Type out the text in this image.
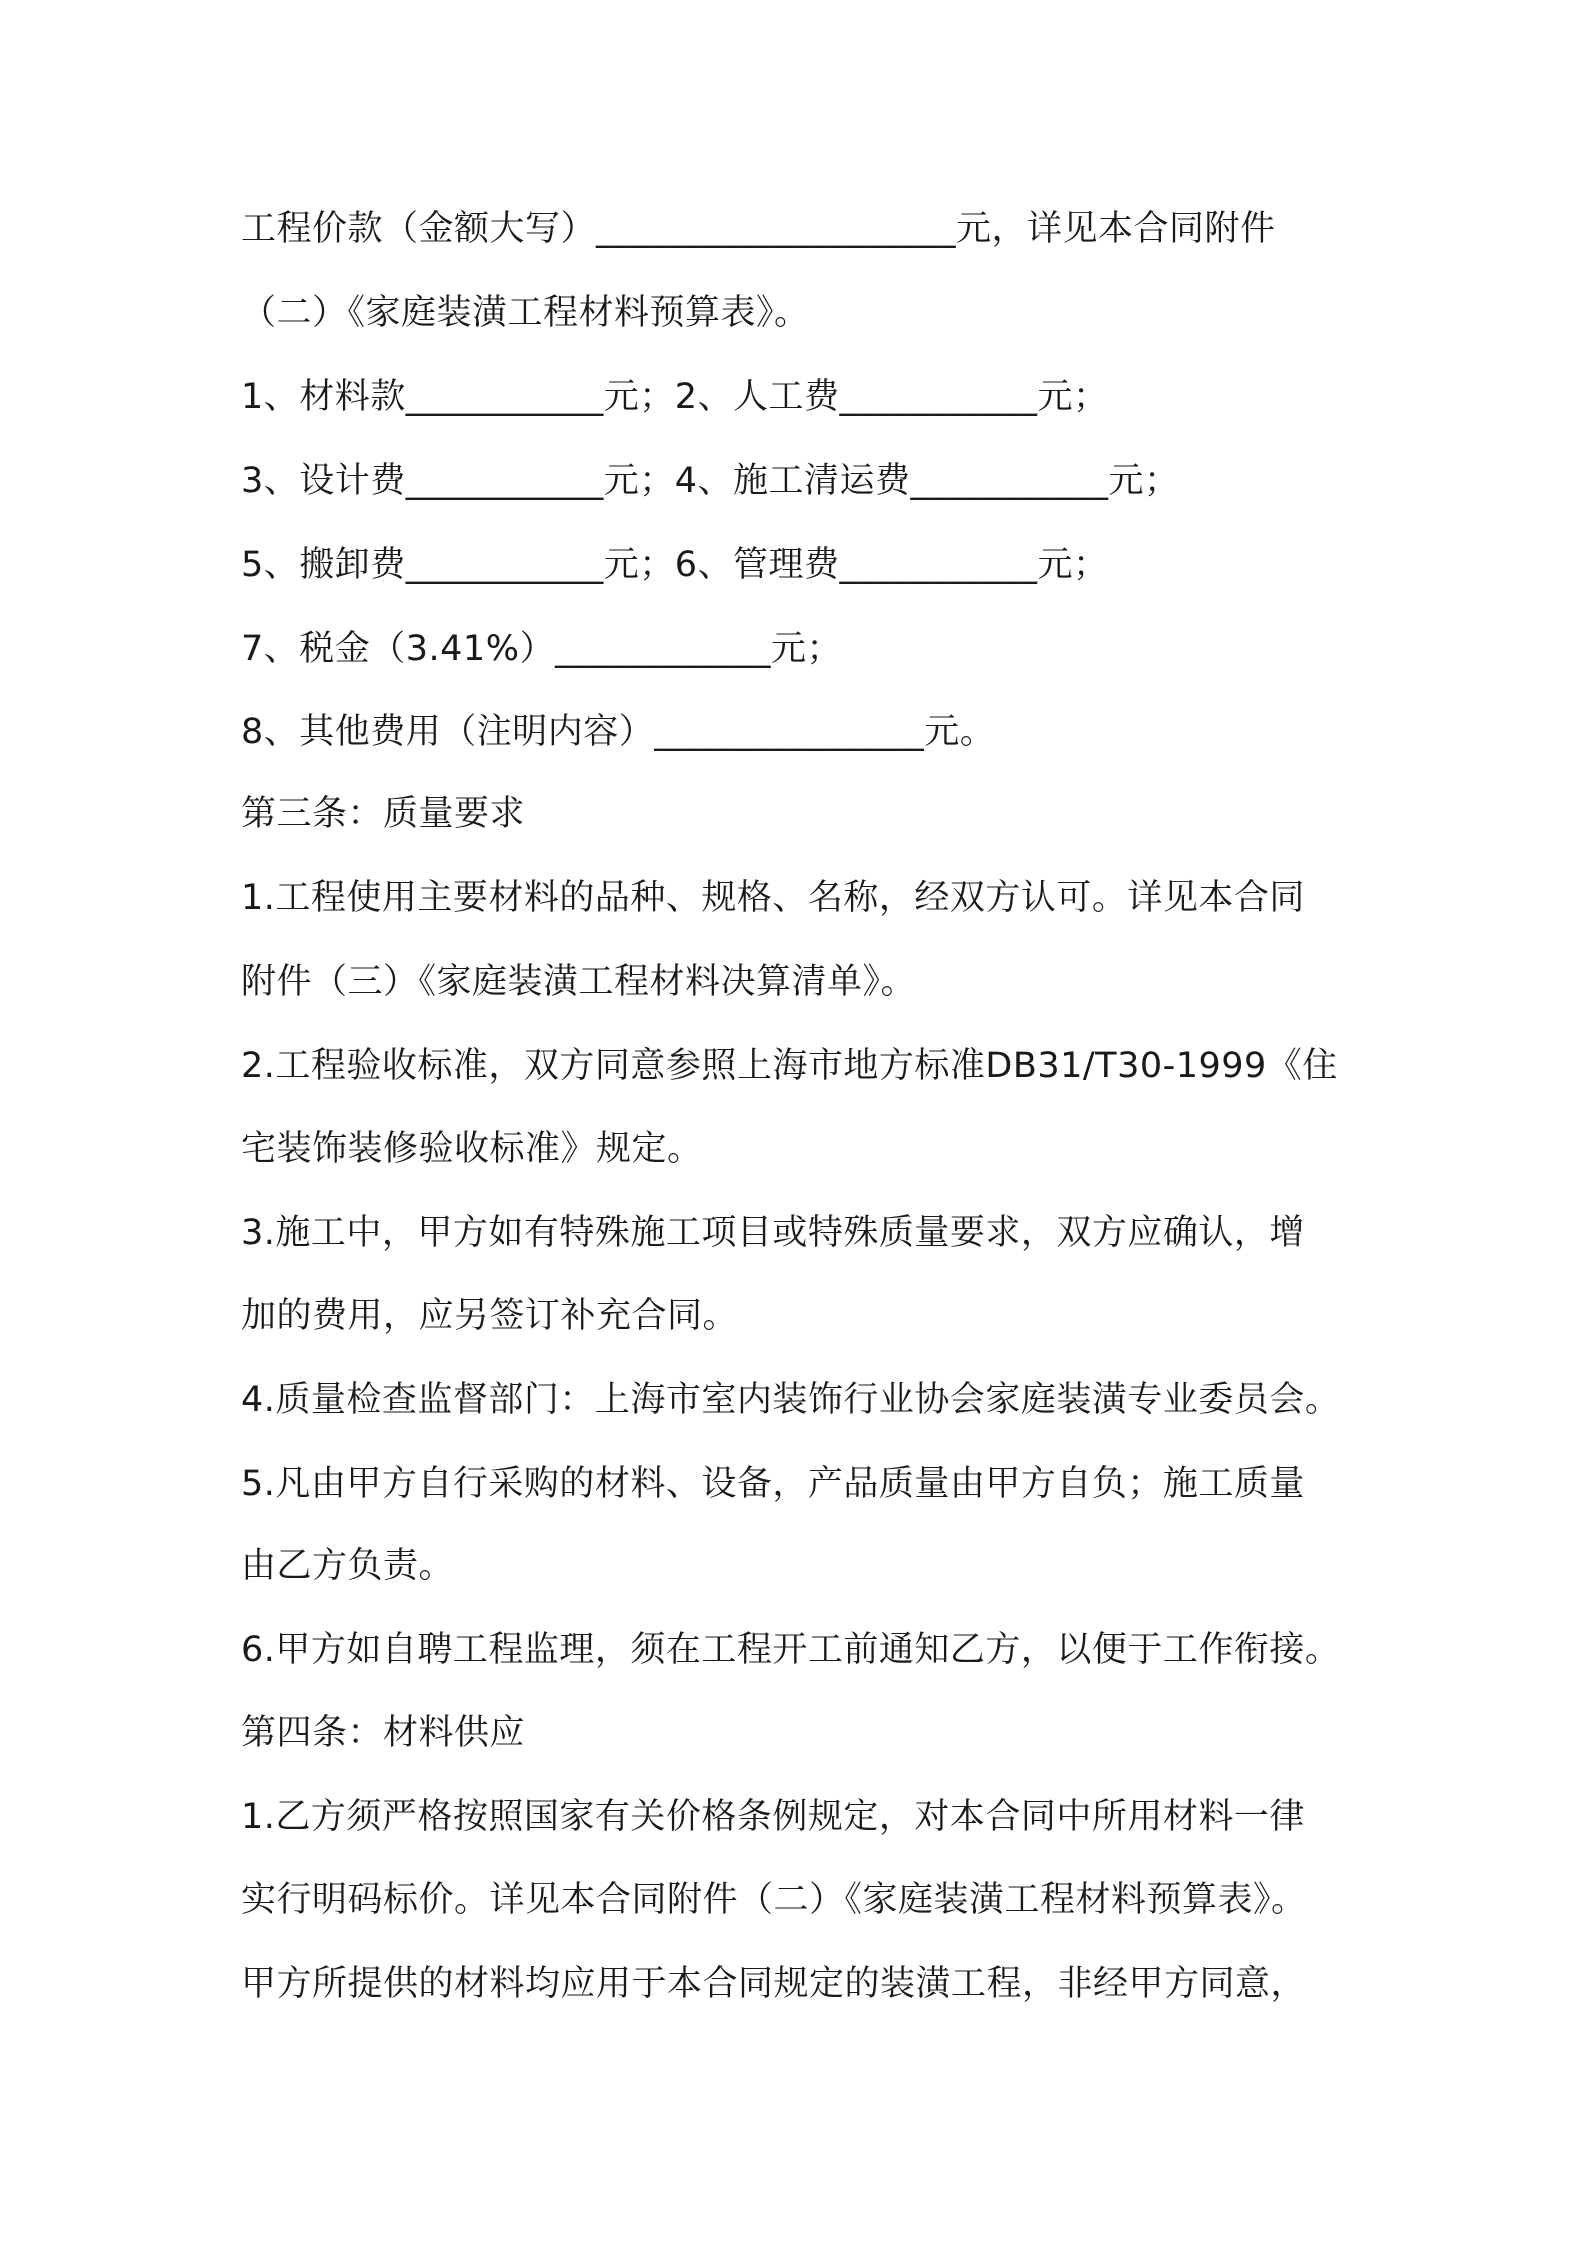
工程价款（金额大写）____________________元，详见本合同附件
（二）《家庭装潢工程材料预算表》。
1、材料款___________元；2、人工费___________元；
3、设计费___________元；4、施工清运费___________元；
5、搬卸费___________元；6、管理费___________元；
7、税金（3.41%）____________元；
8、其他费用（注明内容）_______________元。
第三条：质量要求
1.工程使用主要材料的品种、规格、名称，经双方认可。详见本合同
附件（三）《家庭装潢工程材料决算清单》。
2.工程验收标准，双方同意参照上海市地方标准DB31/T30-1999《住
宅装饰装修验收标准》规定。
3.施工中，甲方如有特殊施工项目或特殊质量要求，双方应确认，增
加的费用，应另签订补充合同。
4.质量检查监督部门：上海市室内装饰行业协会家庭装潢专业委员会。
5.凡由甲方自行采购的材料、设备，产品质量由甲方自负；施工质量
由乙方负责。
6.甲方如自聘工程监理，须在工程开工前通知乙方，以便于工作衔接。
第四条：材料供应
1.乙方须严格按照国家有关价格条例规定，对本合同中所用材料一律
实行明码标价。详见本合同附件（二）《家庭装潢工程材料预算表》。
甲方所提供的材料均应用于本合同规定的装潢工程，非经甲方同意，
